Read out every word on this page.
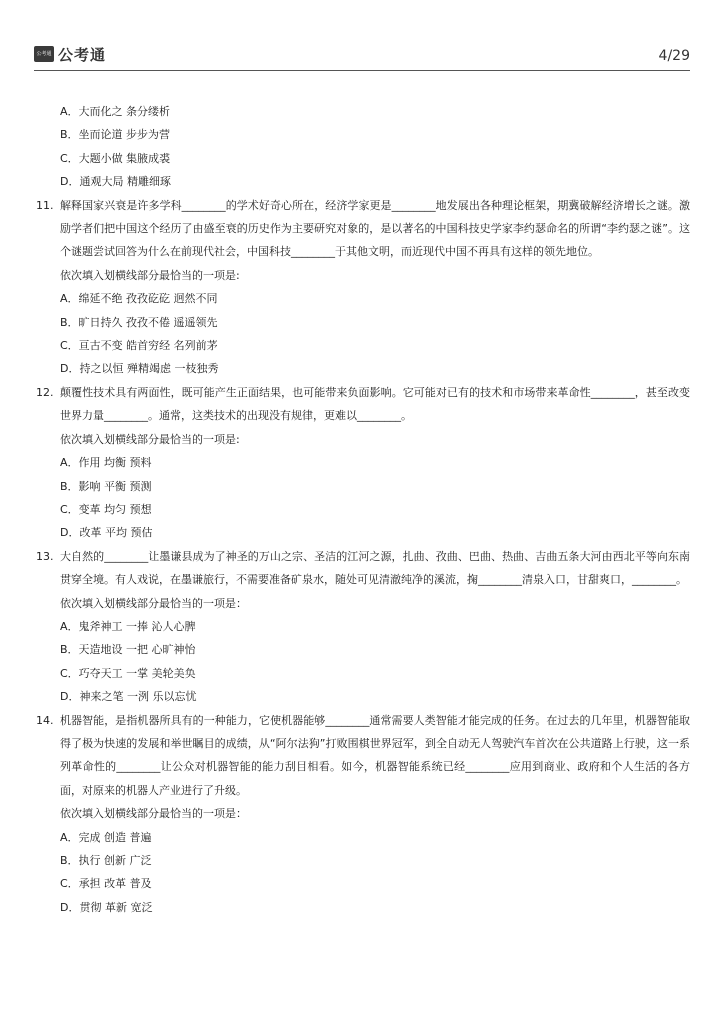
公考通 公考通	4/29
A．大而化之 条分缕析
B．坐而论道 步步为营
C．大题小做 集腋成裘
D．通观大局 精雕细琢
11. 解释国家兴衰是许多学科________的学术好奇心所在，经济学家更是________地发展出各种理论框架，期冀破解经济增长之谜。激励学者们把中国这个经历了由盛至衰的历史作为主要研究对象的，是以著名的中国科技史学家李约瑟命名的所谓“李约瑟之谜”。这个谜题尝试回答为什么在前现代社会，中国科技________于其他文明，而近现代中国不再具有这样的领先地位。

依次填入划横线部分最恰当的一项是:
A．绵延不绝 孜孜矻矻 迥然不同
B．旷日持久 孜孜不倦 遥遥领先
C．亘古不变 皓首穷经 名列前茅
D．持之以恒 殚精竭虑 一枝独秀
12. 颠覆性技术具有两面性，既可能产生正面结果，也可能带来负面影响。它可能对已有的技术和市场带来革命性________，甚至改变世界力量________。通常，这类技术的出现没有规律，更难以________。

依次填入划横线部分最恰当的一项是:
A．作用 均衡 预料
B．影响 平衡 预测
C．变革 均匀 预想
D．改革 平均 预估
13. 大自然的________让墨谦县成为了神圣的万山之宗、圣洁的江河之源，扎曲、孜曲、巴曲、热曲、吉曲五条大河由西北平等向东南贯穿全境。有人戏说，在墨谦旅行，不需要准备矿泉水，随处可见清澈纯净的溪流，掬________清泉入口，甘甜爽口，________。

依次填入划横线部分最恰当的一项是：
A．鬼斧神工 一捧 沁人心脾
B．天造地设 一把 心旷神怡
C．巧夺天工 一掌 美轮美奂
D．神来之笔 一洌 乐以忘忧
14. 机器智能，是指机器所具有的一种能力，它使机器能够________通常需要人类智能才能完成的任务。在过去的几年里，机器智能取得了极为快速的发展和举世瞩目的成绩，从“阿尔法狗”打败围棋世界冠军，到全自动无人驾驶汽车首次在公共道路上行驶，这一系列革命性的________让公众对机器智能的能力刮目相看。如今，机器智能系统已经________应用到商业、政府和个人生活的各方面，对原来的机器人产业进行了升级。

依次填入划横线部分最恰当的一项是：
A．完成 创造 普遍
B．执行 创新 广泛
C．承担 改革 普及
D．贯彻 革新 宽泛
